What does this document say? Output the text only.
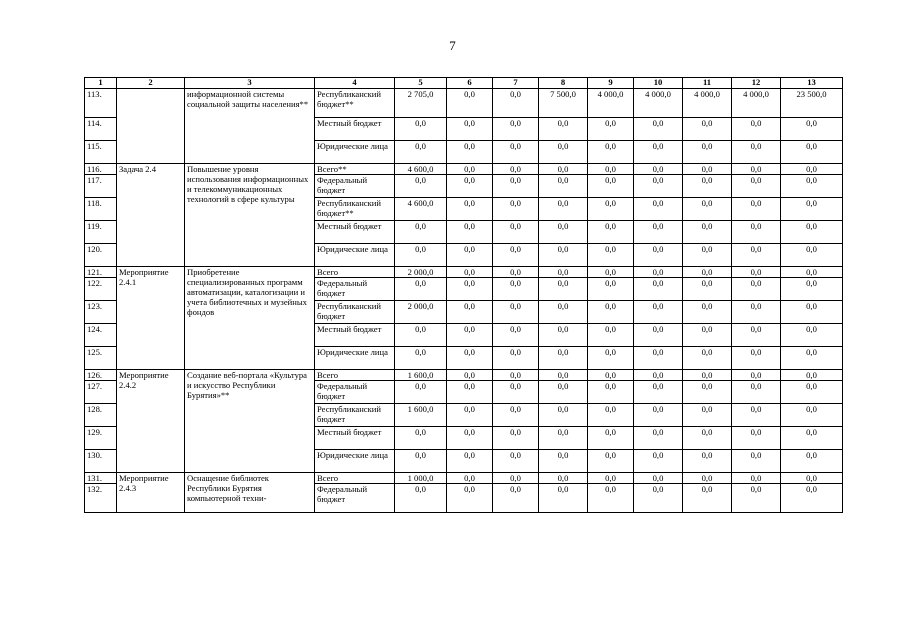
7
1	2	3	4	5	6	7	8	9	10	11	12	13
113.		информационной системы социальной защиты населения**	Республиканский бюджет**	2 705,0	0,0	0,0	7 500,0	4 000,0	4 000,0	4 000,0	4 000,0	23 500,0
114.			Местный бюджет	0,0	0,0	0,0	0,0	0,0	0,0	0,0	0,0	0,0
115.			Юридические лица	0,0	0,0	0,0	0,0	0,0	0,0	0,0	0,0	0,0
116.	Задача 2.4	Повышение уровня использования информационных и телекоммуникационных технологий в сфере культуры	Всего**	4 600,0	0,0	0,0	0,0	0,0	0,0	0,0	0,0	0,0
117.			Федеральный бюджет	0,0	0,0	0,0	0,0	0,0	0,0	0,0	0,0	0,0
118.			Республиканский бюджет**	4 600,0	0,0	0,0	0,0	0,0	0,0	0,0	0,0	0,0
119.			Местный бюджет	0,0	0,0	0,0	0,0	0,0	0,0	0,0	0,0	0,0
120.			Юридические лица	0,0	0,0	0,0	0,0	0,0	0,0	0,0	0,0	0,0
121.	Мероприятие 2.4.1	Приобретение специализированных программ автоматизации, каталогизации и учета библиотечных и музейных фондов	Всего	2 000,0	0,0	0,0	0,0	0,0	0,0	0,0	0,0	0,0
122.			Федеральный бюджет	0,0	0,0	0,0	0,0	0,0	0,0	0,0	0,0	0,0
123.			Республиканский бюджет	2 000,0	0,0	0,0	0,0	0,0	0,0	0,0	0,0	0,0
124.			Местный бюджет	0,0	0,0	0,0	0,0	0,0	0,0	0,0	0,0	0,0
125.			Юридические лица	0,0	0,0	0,0	0,0	0,0	0,0	0,0	0,0	0,0
126.	Мероприятие 2.4.2	Создание веб-портала «Культура и искусство Республики Бурятия»**	Всего	1 600,0	0,0	0,0	0,0	0,0	0,0	0,0	0,0	0,0
127.			Федеральный бюджет	0,0	0,0	0,0	0,0	0,0	0,0	0,0	0,0	0,0
128.			Республиканский бюджет	1 600,0	0,0	0,0	0,0	0,0	0,0	0,0	0,0	0,0
129.			Местный бюджет	0,0	0,0	0,0	0,0	0,0	0,0	0,0	0,0	0,0
130.			Юридические лица	0,0	0,0	0,0	0,0	0,0	0,0	0,0	0,0	0,0
131.	Мероприятие 2.4.3	Оснащение библиотек Республики Бурятия компьютерной техни-	Всего	1 000,0	0,0	0,0	0,0	0,0	0,0	0,0	0,0	0,0
132.			Федеральный бюджет	0,0	0,0	0,0	0,0	0,0	0,0	0,0	0,0	0,0
